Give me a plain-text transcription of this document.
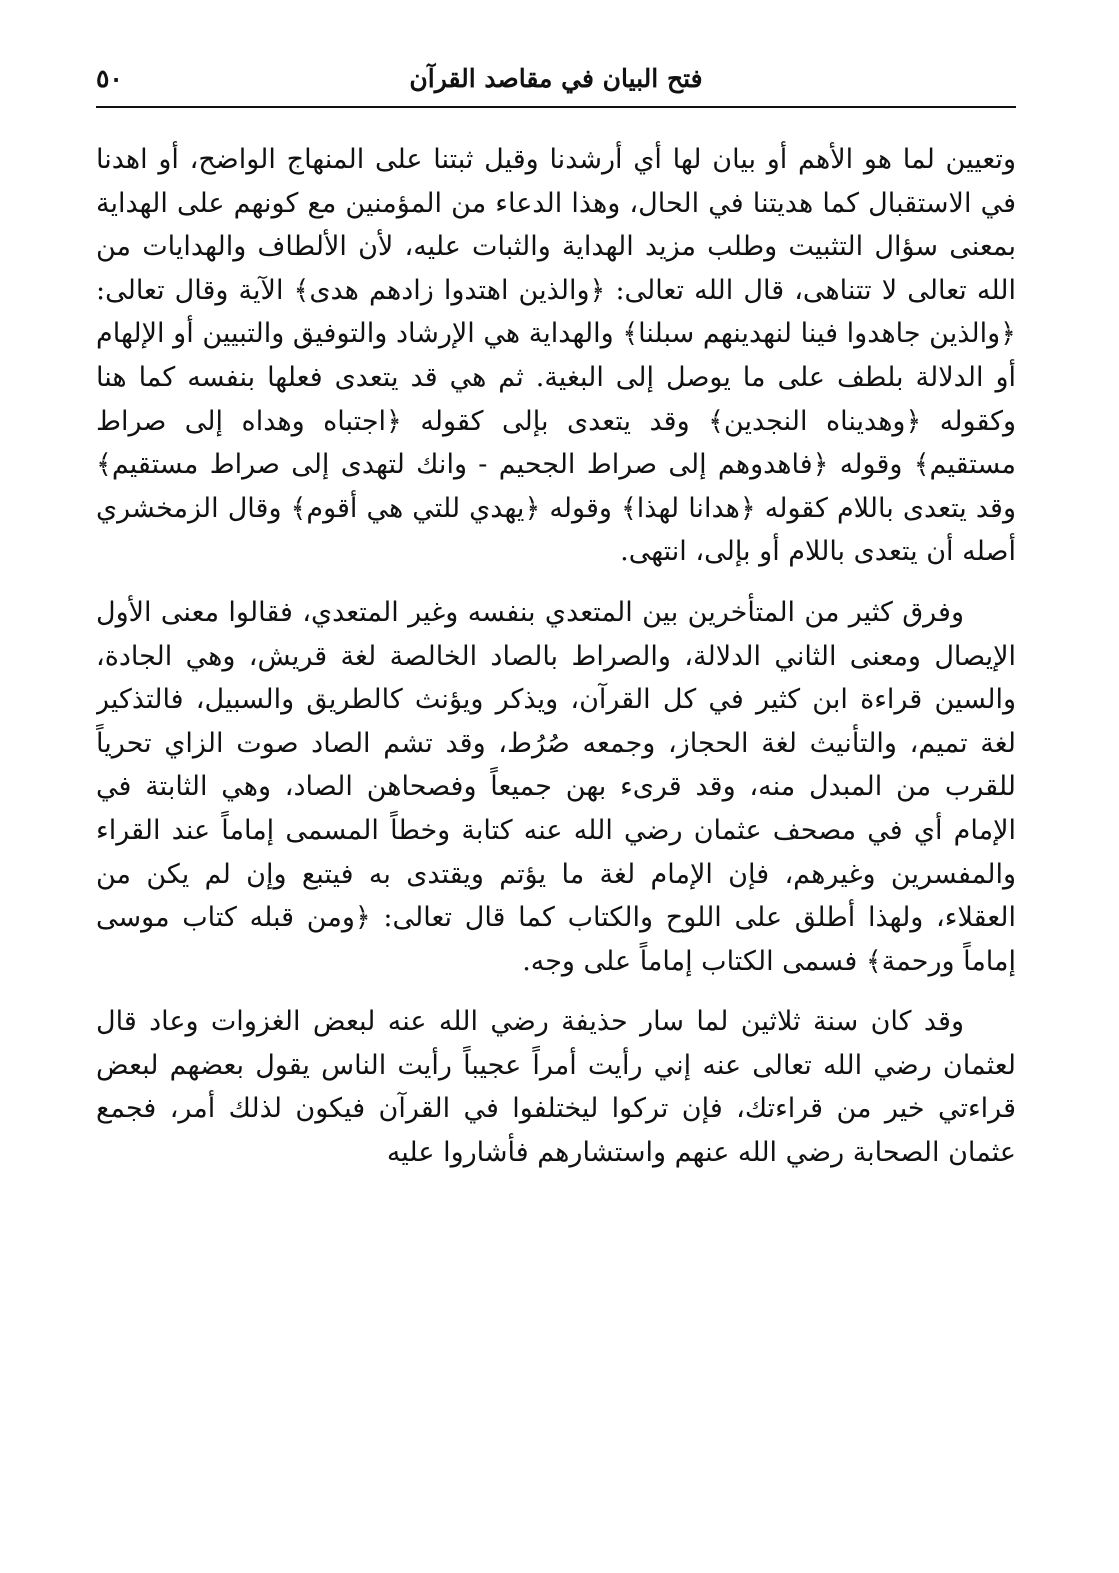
فتح البيان في مقاصد القرآن
٥٠

وتعيين لما هو الأهم أو بيان لها أي أرشدنا وقيل ثبتنا على المنهاج الواضح، أو اهدنا في الاستقبال كما هديتنا في الحال، وهذا الدعاء من المؤمنين مع كونهم على الهداية بمعنى سؤال التثبيت وطلب مزيد الهداية والثبات عليه، لأن الألطاف والهدايات من الله تعالى لا تتناهى، قال الله تعالى: ﴿والذين اهتدوا زادهم هدى﴾ الآية وقال تعالى: ﴿والذين جاهدوا فينا لنهدينهم سبلنا﴾ والهداية هي الإرشاد والتوفيق والتبيين أو الإلهام أو الدلالة بلطف على ما يوصل إلى البغية. ثم هي قد يتعدى فعلها بنفسه كما هنا وكقوله ﴿وهديناه النجدين﴾ وقد يتعدى بإلى كقوله ﴿اجتباه وهداه إلى صراط مستقيم﴾ وقوله ﴿فاهدوهم إلى صراط الجحيم - وانك لتهدى إلى صراط مستقيم﴾ وقد يتعدى باللام كقوله ﴿هدانا لهذا﴾ وقوله ﴿يهدي للتي هي أقوم﴾ وقال الزمخشري أصله أن يتعدى باللام أو بإلى، انتهى.

وفرق كثير من المتأخرين بين المتعدي بنفسه وغير المتعدي، فقالوا معنى الأول الإيصال ومعنى الثاني الدلالة، والصراط بالصاد الخالصة لغة قريش، وهي الجادة، والسين قراءة ابن كثير في كل القرآن، ويذكر ويؤنث كالطريق والسبيل، فالتذكير لغة تميم، والتأنيث لغة الحجاز، وجمعه صُرُط، وقد تشم الصاد صوت الزاي تحرياً للقرب من المبدل منه، وقد قرىء بهن جميعاً وفصحاهن الصاد، وهي الثابتة في الإمام أي في مصحف عثمان رضي الله عنه كتابة وخطاً المسمى إماماً عند القراء والمفسرين وغيرهم، فإن الإمام لغة ما يؤتم ويقتدى به فيتبع وإن لم يكن من العقلاء، ولهذا أطلق على اللوح والكتاب كما قال تعالى: ﴿ومن قبله كتاب موسى إماماً ورحمة﴾ فسمى الكتاب إماماً على وجه.

وقد كان سنة ثلاثين لما سار حذيفة رضي الله عنه لبعض الغزوات وعاد قال لعثمان رضي الله تعالى عنه إني رأيت أمراً عجيباً رأيت الناس يقول بعضهم لبعض قراءتي خير من قراءتك، فإن تركوا ليختلفوا في القرآن فيكون لذلك أمر، فجمع عثمان الصحابة رضي الله عنهم واستشارهم فأشاروا عليه
